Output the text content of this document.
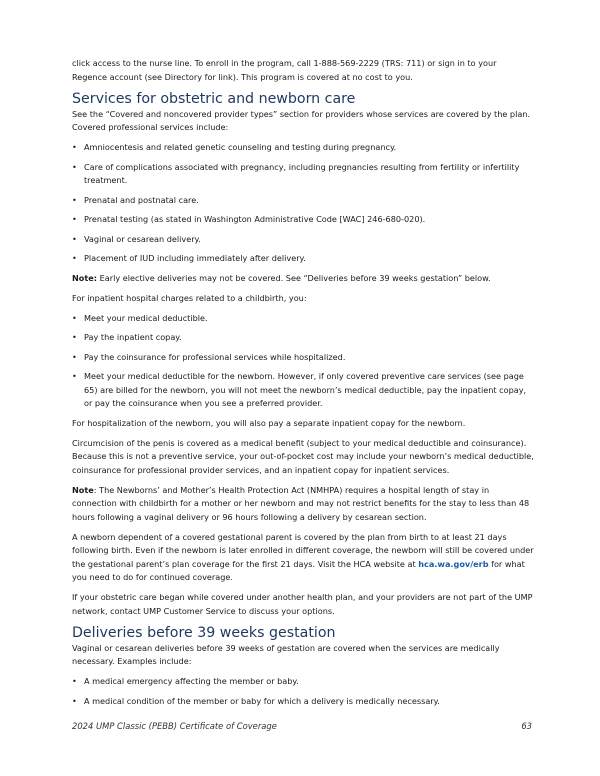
click access to the nurse line. To enroll in the program, call 1-888-569-2229 (TRS: 711) or sign in to your Regence account (see Directory for link). This program is covered at no cost to you.

Services for obstetric and newborn care

See the “Covered and noncovered provider types” section for providers whose services are covered by the plan. Covered professional services include:

• Amniocentesis and related genetic counseling and testing during pregnancy.
• Care of complications associated with pregnancy, including pregnancies resulting from fertility or infertility treatment.
• Prenatal and postnatal care.
• Prenatal testing (as stated in Washington Administrative Code [WAC] 246-680-020).
• Vaginal or cesarean delivery.
• Placement of IUD including immediately after delivery.

Note: Early elective deliveries may not be covered. See “Deliveries before 39 weeks gestation” below.

For inpatient hospital charges related to a childbirth, you:

• Meet your medical deductible.
• Pay the inpatient copay.
• Pay the coinsurance for professional services while hospitalized.
• Meet your medical deductible for the newborn. However, if only covered preventive care services (see page 65) are billed for the newborn, you will not meet the newborn’s medical deductible, pay the inpatient copay, or pay the coinsurance when you see a preferred provider.

For hospitalization of the newborn, you will also pay a separate inpatient copay for the newborn.

Circumcision of the penis is covered as a medical benefit (subject to your medical deductible and coinsurance). Because this is not a preventive service, your out-of-pocket cost may include your newborn’s medical deductible, coinsurance for professional provider services, and an inpatient copay for inpatient services.

Note: The Newborns’ and Mother’s Health Protection Act (NMHPA) requires a hospital length of stay in connection with childbirth for a mother or her newborn and may not restrict benefits for the stay to less than 48 hours following a vaginal delivery or 96 hours following a delivery by cesarean section.

A newborn dependent of a covered gestational parent is covered by the plan from birth to at least 21 days following birth. Even if the newborn is later enrolled in different coverage, the newborn will still be covered under the gestational parent’s plan coverage for the first 21 days. Visit the HCA website at hca.wa.gov/erb for what you need to do for continued coverage.

If your obstetric care began while covered under another health plan, and your providers are not part of the UMP network, contact UMP Customer Service to discuss your options.

Deliveries before 39 weeks gestation

Vaginal or cesarean deliveries before 39 weeks of gestation are covered when the services are medically necessary. Examples include:

• A medical emergency affecting the member or baby.
• A medical condition of the member or baby for which a delivery is medically necessary.
2024 UMP Classic (PEBB) Certificate of Coverage	63
